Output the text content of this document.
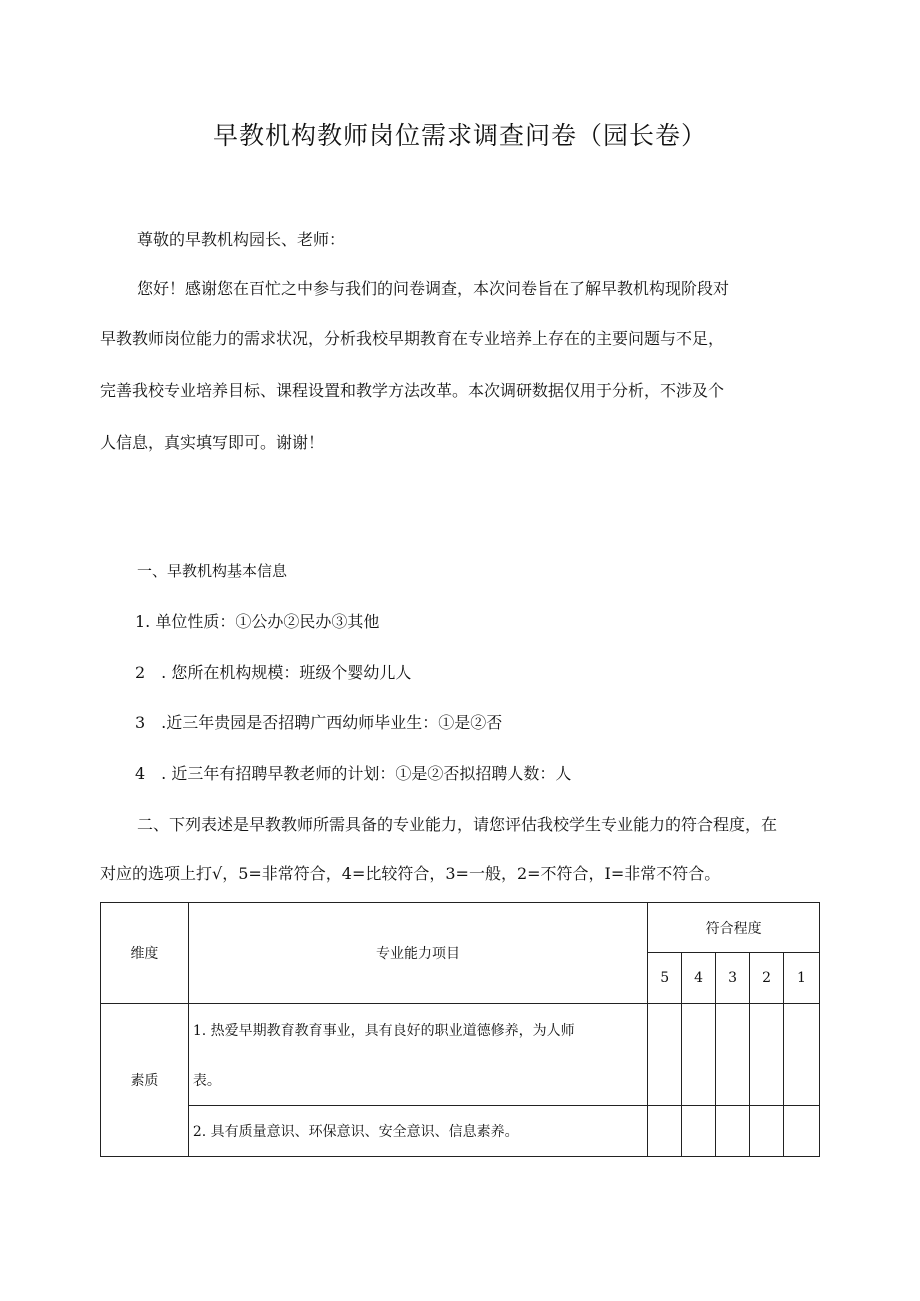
早教机构教师岗位需求调查问卷（园长卷）
尊敬的早教机构园长、老师：
您好！感谢您在百忙之中参与我们的问卷调查，本次问卷旨在了解早教机构现阶段对
早教教师岗位能力的需求状况，分析我校早期教育在专业培养上存在的主要问题与不足，
完善我校专业培养目标、课程设置和教学方法改革。本次调研数据仅用于分析，不涉及个
人信息，真实填写即可。谢谢！
一、早教机构基本信息
1. 单位性质：①公办②民办③其他
2　. 您所在机构规模：班级个婴幼儿人
3　.近三年贵园是否招聘广西幼师毕业生：①是②否
4　. 近三年有招聘早教老师的计划：①是②否拟招聘人数：人
二、下列表述是早教教师所需具备的专业能力，请您评估我校学生专业能力的符合程度，在
对应的选项上打√，5=非常符合，4=比较符合，3=一般，2=不符合，I=非常不符合。
维度	专业能力项目	符合程度				
		5	4	3	2	1
素质	1. 热爱早期教育教育事业，具有良好的职业道德修养，为人师
表。					

	2. 具有质量意识、环保意识、安全意识、信息素养。					
